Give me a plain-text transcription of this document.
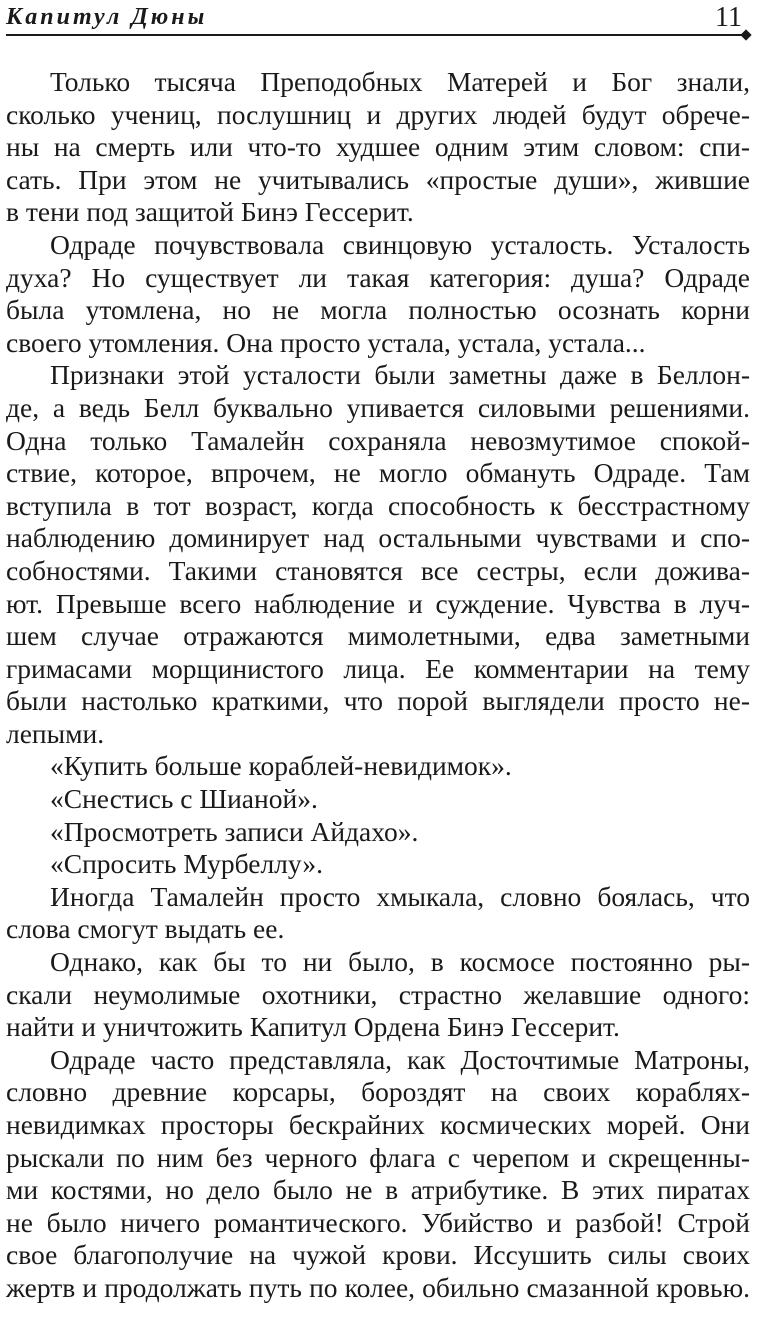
Капитул Дюны	11
Только тысяча Преподобных Матерей и Бог знали,
сколько учениц, послушниц и других людей будут обрече-
ны на смерть или что-то худшее одним этим словом: спи-
сать. При этом не учитывались «простые души», жившие
в тени под защитой Бинэ Гессерит.
Одраде почувствовала свинцовую усталость. Усталость
духа? Но существует ли такая категория: душа? Одраде
была утомлена, но не могла полностью осознать корни
своего утомления. Она просто устала, устала, устала...
Признаки этой усталости были заметны даже в Беллон-
де, а ведь Белл буквально упивается силовыми решениями.
Одна только Тамалейн сохраняла невозмутимое спокой-
ствие, которое, впрочем, не могло обмануть Одраде. Там
вступила в тот возраст, когда способность к бесстрастному
наблюдению доминирует над остальными чувствами и спо-
собностями. Такими становятся все сестры, если дожива-
ют. Превыше всего наблюдение и суждение. Чувства в луч-
шем случае отражаются мимолетными, едва заметными
гримасами морщинистого лица. Ее комментарии на тему
были настолько краткими, что порой выглядели просто не-
лепыми.
«Купить больше кораблей-невидимок».
«Снестись с Шианой».
«Просмотреть записи Айдахо».
«Спросить Мурбеллу».
Иногда Тамалейн просто хмыкала, словно боялась, что
слова смогут выдать ее.
Однако, как бы то ни было, в космосе постоянно ры-
скали неумолимые охотники, страстно желавшие одного:
найти и уничтожить Капитул Ордена Бинэ Гессерит.
Одраде часто представляла, как Досточтимые Матроны,
словно древние корсары, бороздят на своих кораблях-
невидимках просторы бескрайних космических морей. Они
рыскали по ним без черного флага с черепом и скрещенны-
ми костями, но дело было не в атрибутике. В этих пиратах
не было ничего романтического. Убийство и разбой! Строй
свое благополучие на чужой крови. Иссушить силы своих
жертв и продолжать путь по колее, обильно смазанной кровью.
